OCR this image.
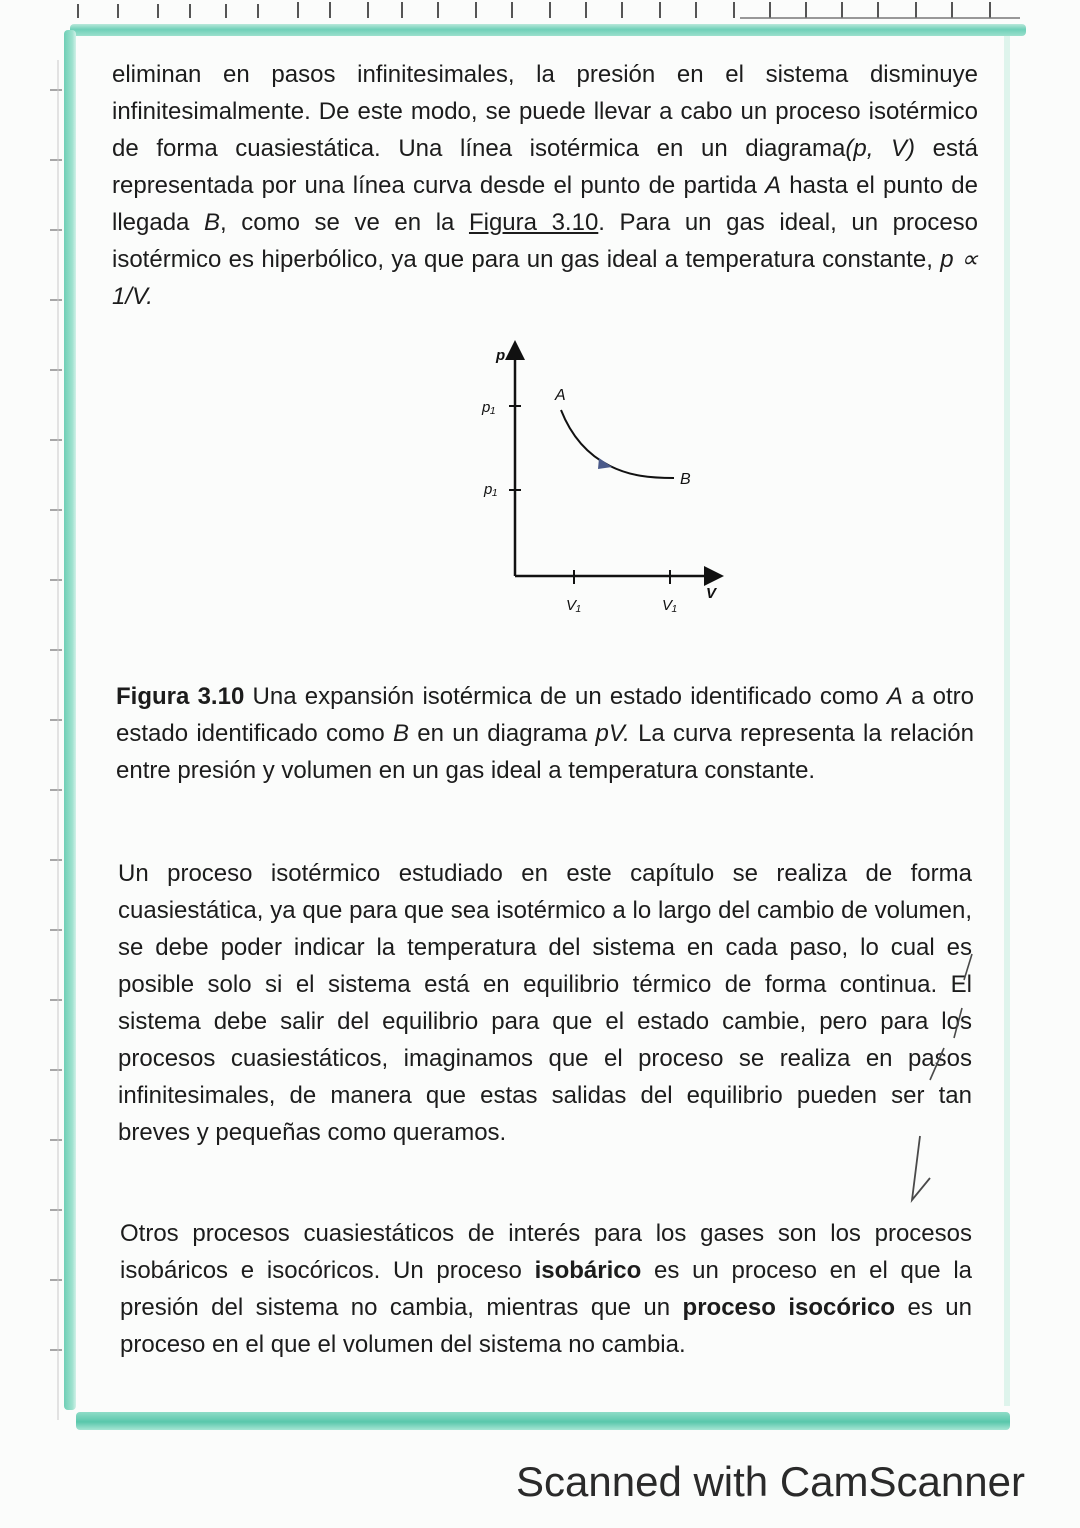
eliminan en pasos infinitesimales, la presión en el sistema disminuye infinitesimalmente. De este modo, se puede llevar a cabo un proceso isotérmico de forma cuasiestática. Una línea isotérmica en un diagrama(p, V) está representada por una línea curva desde el punto de partida A hasta el punto de llegada B, como se ve en la Figura 3.10. Para un gas ideal, un proceso isotérmico es hiperbólico, ya que para un gas ideal a temperatura constante, p ∝ 1/V.

p
p₁
p₁
A
B
V₁	V₁
V

Figura 3.10 Una expansión isotérmica de un estado identificado como A a otro estado identificado como B en un diagrama pV. La curva representa la relación entre presión y volumen en un gas ideal a temperatura constante.

Un proceso isotérmico estudiado en este capítulo se realiza de forma cuasiestática, ya que para que sea isotérmico a lo largo del cambio de volumen, se debe poder indicar la temperatura del sistema en cada paso, lo cual es posible solo si el sistema está en equilibrio térmico de forma continua. El sistema debe salir del equilibrio para que el estado cambie, pero para los procesos cuasiestáticos, imaginamos que el proceso se realiza en pasos infinitesimales, de manera que estas salidas del equilibrio pueden ser tan breves y pequeñas como queramos.

Otros procesos cuasiestáticos de interés para los gases son los procesos isobáricos e isocóricos. Un proceso isobárico es un proceso en el que la presión del sistema no cambia, mientras que un proceso isocórico es un proceso en el que el volumen del sistema no cambia.

Scanned with CamScanner
